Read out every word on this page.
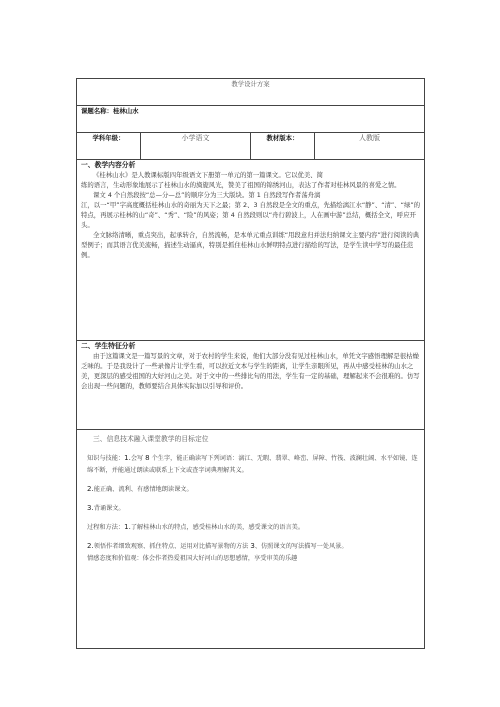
教学设计方案
课题名称：桂林山水
学科年级：	小学语文	教材版本：	人教版

一、教学内容分析

《桂林山水》是人教课标版四年级语文下册第一单元的第一篇课文。它以优美、简

练的语言，生动形象地展示了桂林山水的旖旎风光，赞美了祖国的锦绣河山，表达了作者对桂林风景的喜爱之情。

课文 4 个自然段按“总—分—总”的顺序分为三大版块。第 1 自然段写作者荡舟漓

江，以一“甲”字高度概括桂林山水的奇丽为天下之最；第 2、3 自然段是全文的重点，先描绘漓江水“静”、“清”、“绿”的特点，再展示桂林的山“奇”、“秀”、“险”的风姿；第 4 自然段则以“舟行碧波上，人在画中游”总结，概括全文，呼应开头。

全文脉络清晰，重点突出，起承转合，自然流畅，是本单元重点训练“用段意归并法归纳课文主要内容”进行阅读的典型例子；而其语言优美流畅，描述生动逼真，特别是抓住桂林山水鲜明特点进行描绘的写法，是学生读中学写的最佳范例。

二、学生特征分析

由于这篇课文是一篇写景的文章，对于农村的学生来说，他们大部分没有见过桂林山水，单凭文字感悟理解是很枯燥乏味的。于是我设计了一些录像片让学生看，可以拉近文本与学生的距离，让学生亲眼所见，再从中感受桂林的山水之美，更深层的感受祖国的大好河山之美。对于文中的一些排比句的用法，学生有一定的基础，理解起来不会很难的。仿写会出现一些问题的，教师要结合具体实际加以引导和评价。

三、信息技术融入课堂教学的目标定位

知识与技能：1.会写 8 个生字，能正确读写下列词语：漓江、无暇、翡翠、峰峦、屏障、竹筏、波澜壮阔、水平如镜、连绵不断，并能通过朗读或联系上下文或查字词典理解其义。

2.能正确、流利、有感情地朗读课文。

3.背诵课文。

过程和方法：1.了解桂林山水的特点，感受桂林山水的美，感受课文的语言美。

2.领悟作者细致观察、抓住特点、运用对比描写景物的方法 3、仿照课文的写法描写一处风景。

情感态度和价值观：体会作者热爱祖国大好河山的思想感情，享受审美的乐趣
